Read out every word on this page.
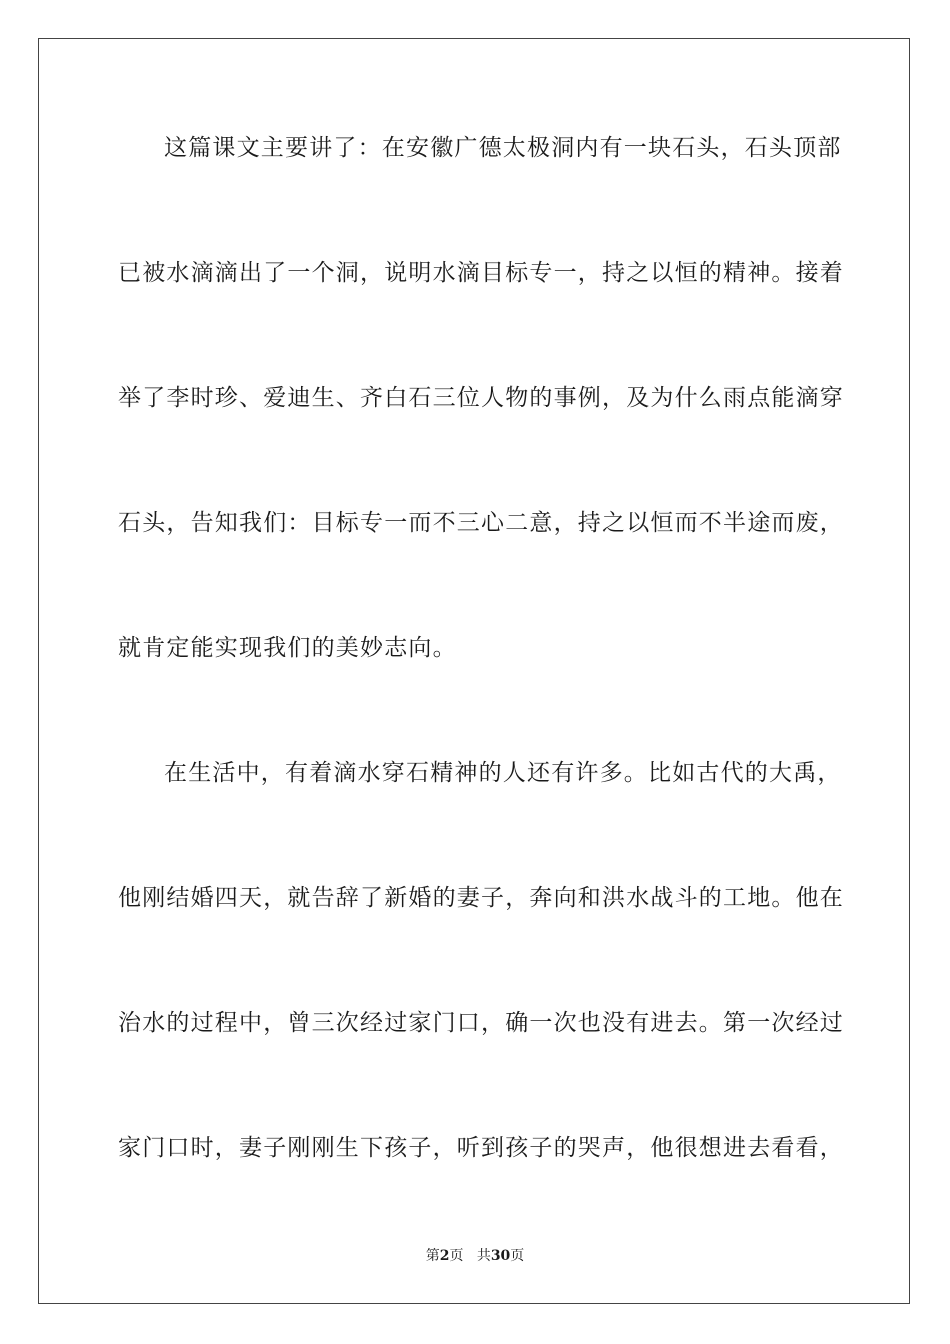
这篇课文主要讲了：在安徽广德太极洞内有一块石头，石头顶部
已被水滴滴出了一个洞，说明水滴目标专一，持之以恒的精神。接着
举了李时珍、爱迪生、齐白石三位人物的事例，及为什么雨点能滴穿
石头，告知我们：目标专一而不三心二意，持之以恒而不半途而废，
就肯定能实现我们的美妙志向。
在生活中，有着滴水穿石精神的人还有许多。比如古代的大禹，
他刚结婚四天，就告辞了新婚的妻子，奔向和洪水战斗的工地。他在
治水的过程中，曾三次经过家门口，确一次也没有进去。第一次经过
家门口时，妻子刚刚生下孩子，听到孩子的哭声，他很想进去看看，
第2页 共30页
